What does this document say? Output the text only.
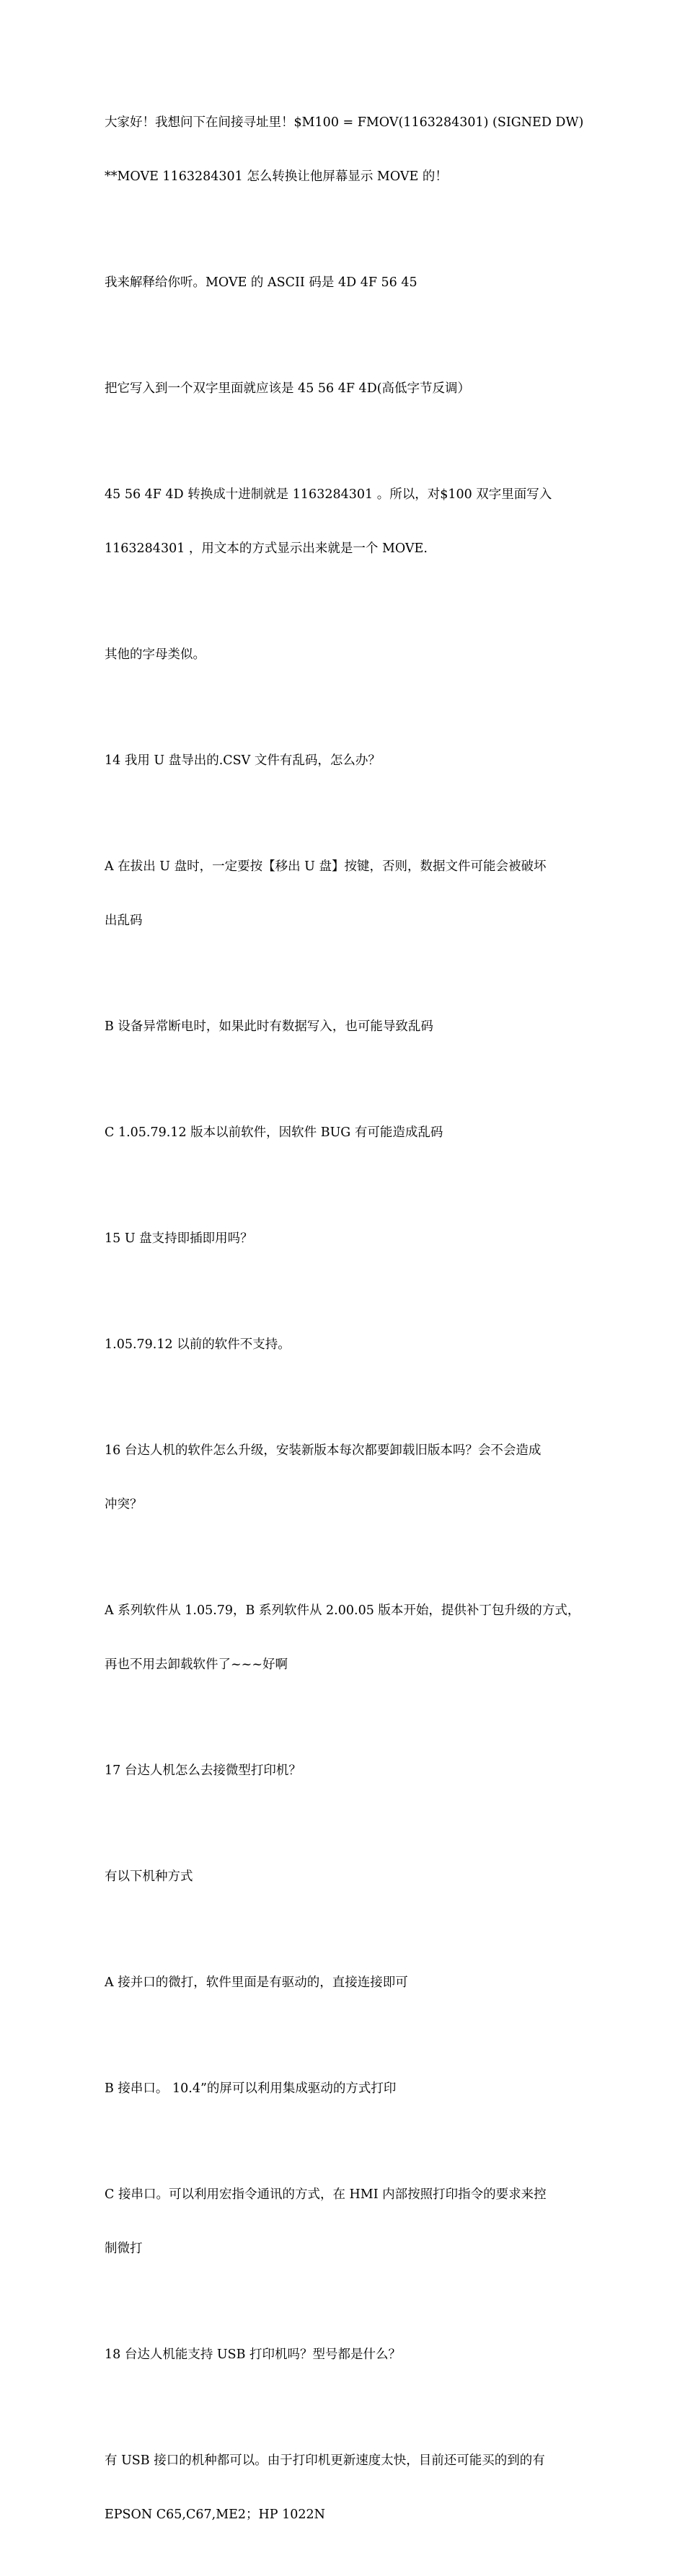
大家好！我想问下在间接寻址里！$M100 = FMOV(1163284301) (SIGNED DW)

**MOVE 1163284301 怎么转换让他屏幕显示 MOVE 的！

我来解释给你听。MOVE 的 ASCII 码是 4D 4F 56 45

把它写入到一个双字里面就应该是 45 56 4F 4D(高低字节反调）

45 56 4F 4D 转换成十进制就是 1163284301 。所以，对$100 双字里面写入

1163284301 ，用文本的方式显示出来就是一个 MOVE.

其他的字母类似。

14 我用 U 盘导出的.CSV 文件有乱码，怎么办？

A 在拔出 U 盘时，一定要按【移出 U 盘】按键，否则，数据文件可能会被破坏

出乱码

B 设备异常断电时，如果此时有数据写入，也可能导致乱码

C 1.05.79.12 版本以前软件，因软件 BUG 有可能造成乱码

15 U 盘支持即插即用吗？

1.05.79.12 以前的软件不支持。

16 台达人机的软件怎么升级，安装新版本每次都要卸载旧版本吗？会不会造成

冲突？

A 系列软件从 1.05.79，B 系列软件从 2.00.05 版本开始，提供补丁包升级的方式，

再也不用去卸载软件了~~~好啊

17 台达人机怎么去接微型打印机？

有以下机种方式

A 接并口的微打，软件里面是有驱动的，直接连接即可

B 接串口。 10.4”的屏可以利用集成驱动的方式打印

C 接串口。可以利用宏指令通讯的方式，在 HMI 内部按照打印指令的要求来控

制微打

18 台达人机能支持 USB 打印机吗？型号都是什么？

有 USB 接口的机种都可以。由于打印机更新速度太快，目前还可能买的到的有

EPSON C65,C67,ME2；HP 1022N
